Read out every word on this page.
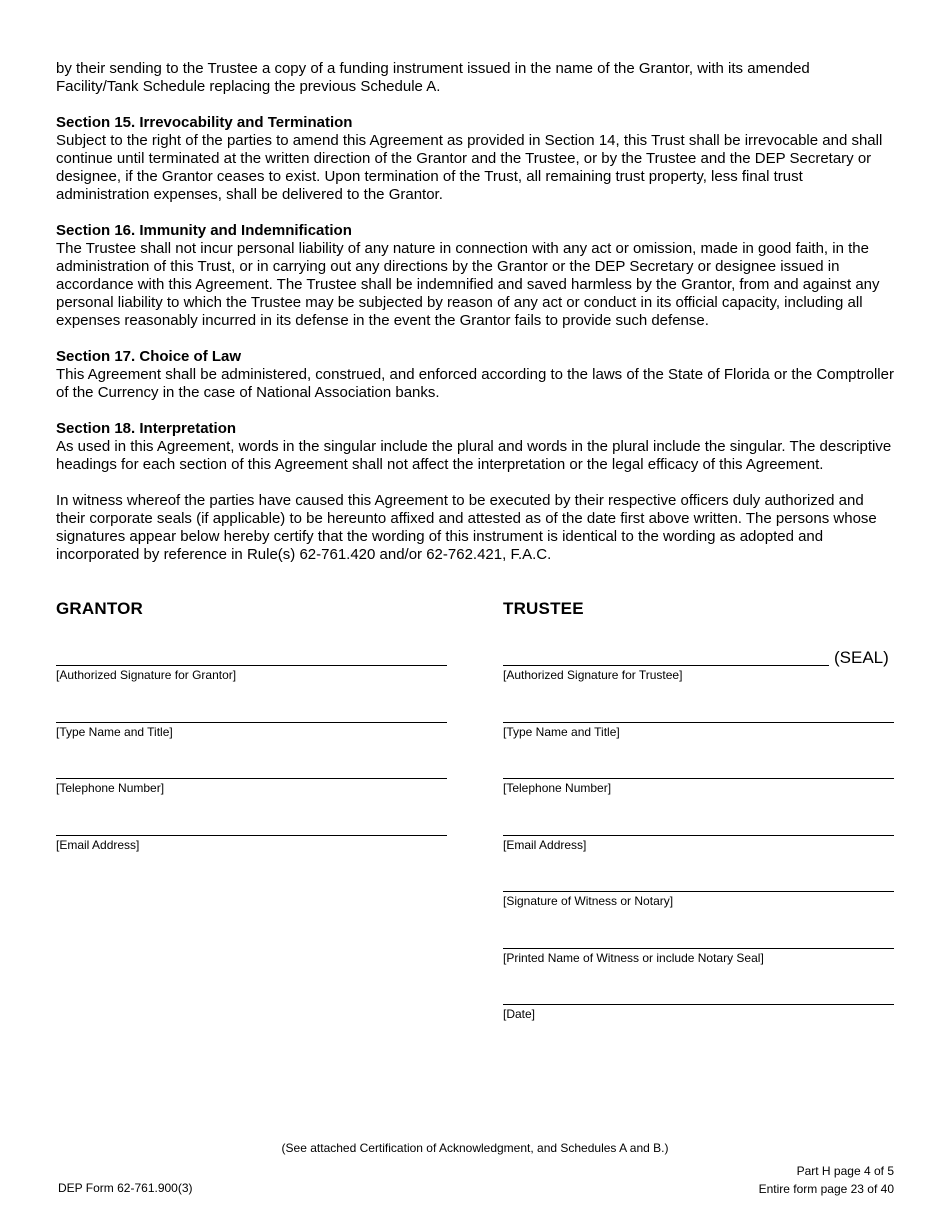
by their sending to the Trustee a copy of a funding instrument issued in the name of the Grantor, with its amended Facility/Tank Schedule replacing the previous Schedule A.

Section 15. Irrevocability and Termination

Subject to the right of the parties to amend this Agreement as provided in Section 14, this Trust shall be irrevocable and shall continue until terminated at the written direction of the Grantor and the Trustee, or by the Trustee and the DEP Secretary or designee, if the Grantor ceases to exist. Upon termination of the Trust, all remaining trust property, less final trust administration expenses, shall be delivered to the Grantor.

Section 16. Immunity and Indemnification

The Trustee shall not incur personal liability of any nature in connection with any act or omission, made in good faith, in the administration of this Trust, or in carrying out any directions by the Grantor or the DEP Secretary or designee issued in accordance with this Agreement. The Trustee shall be indemnified and saved harmless by the Grantor, from and against any personal liability to which the Trustee may be subjected by reason of any act or conduct in its official capacity, including all expenses reasonably incurred in its defense in the event the Grantor fails to provide such defense.

Section 17. Choice of Law

This Agreement shall be administered, construed, and enforced according to the laws of the State of Florida or the Comptroller of the Currency in the case of National Association banks.

Section 18. Interpretation

As used in this Agreement, words in the singular include the plural and words in the plural include the singular. The descriptive headings for each section of this Agreement shall not affect the interpretation or the legal efficacy of this Agreement.

In witness whereof the parties have caused this Agreement to be executed by their respective officers duly authorized and their corporate seals (if applicable) to be hereunto affixed and attested as of the date first above written. The persons whose signatures appear below hereby certify that the wording of this instrument is identical to the wording as adopted and incorporated by reference in Rule(s) 62-761.420 and/or 62-762.421, F.A.C.

GRANTOR
[Authorized Signature for Grantor]
[Type Name and Title]
[Telephone Number]
[Email Address]
TRUSTEE
(SEAL)
[Authorized Signature for Trustee]
[Type Name and Title]
[Telephone Number]
[Email Address]
[Signature of Witness or Notary]
[Printed Name of Witness or include Notary Seal]
[Date]
(See attached Certification of Acknowledgment, and Schedules A and B.)
DEP Form 62-761.900(3)
Part H page 4 of 5
Entire form page 23 of 40
